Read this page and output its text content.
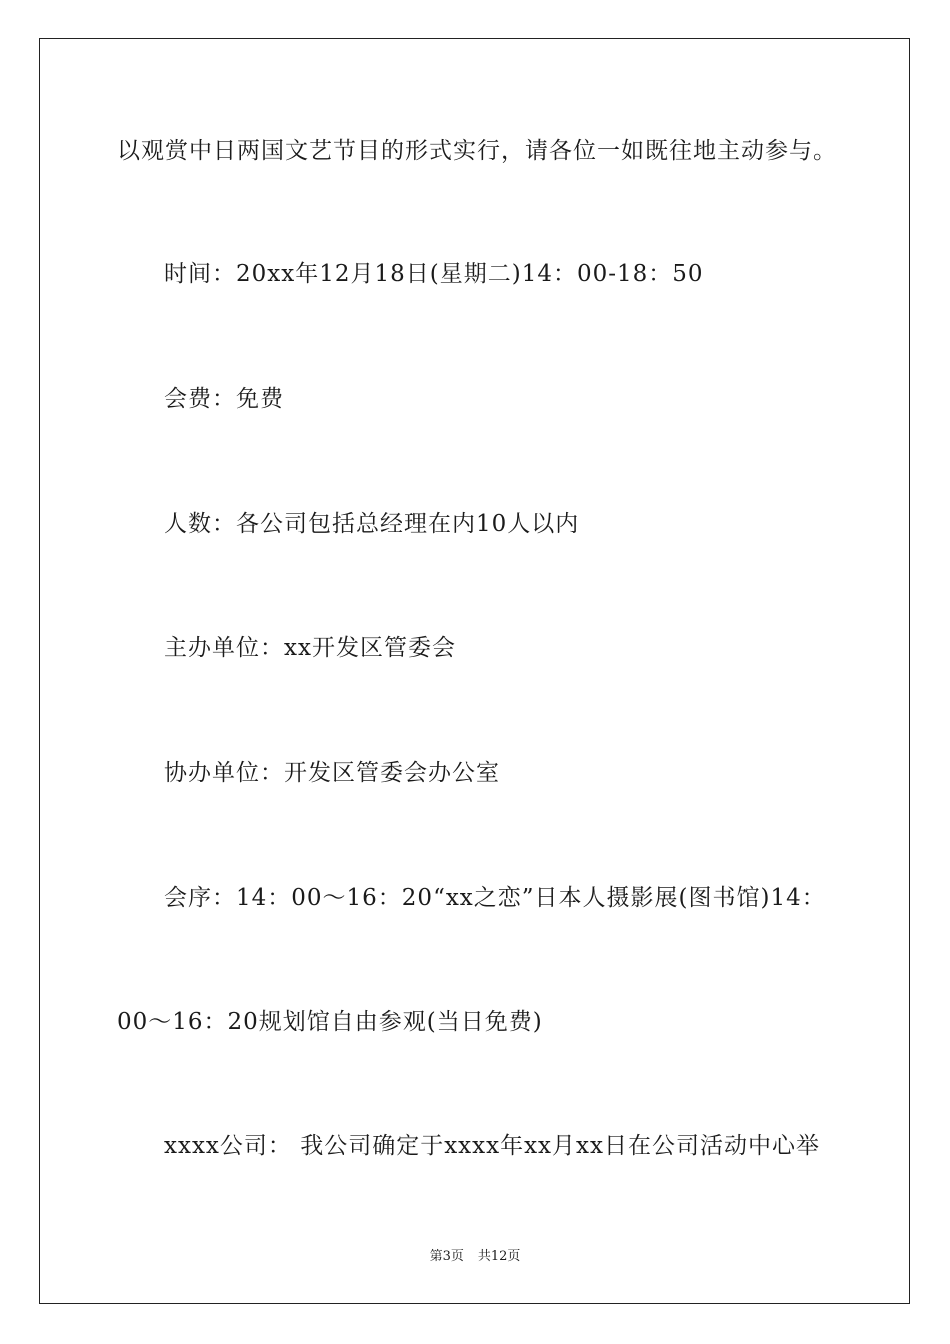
以观赏中日两国文艺节目的形式实行，请各位一如既往地主动参与。
时间：20xx年12月18日(星期二)14：00-18：50
会费：免费
人数：各公司包括总经理在内10人以内
主办单位：xx开发区管委会
协办单位：开发区管委会办公室
会序：14：00～16：20“xx之恋”日本人摄影展(图书馆)14：
00～16：20规划馆自由参观(当日免费)
xxxx公司： 我公司确定于xxxx年xx月xx日在公司活动中心举
第3页 共12页
